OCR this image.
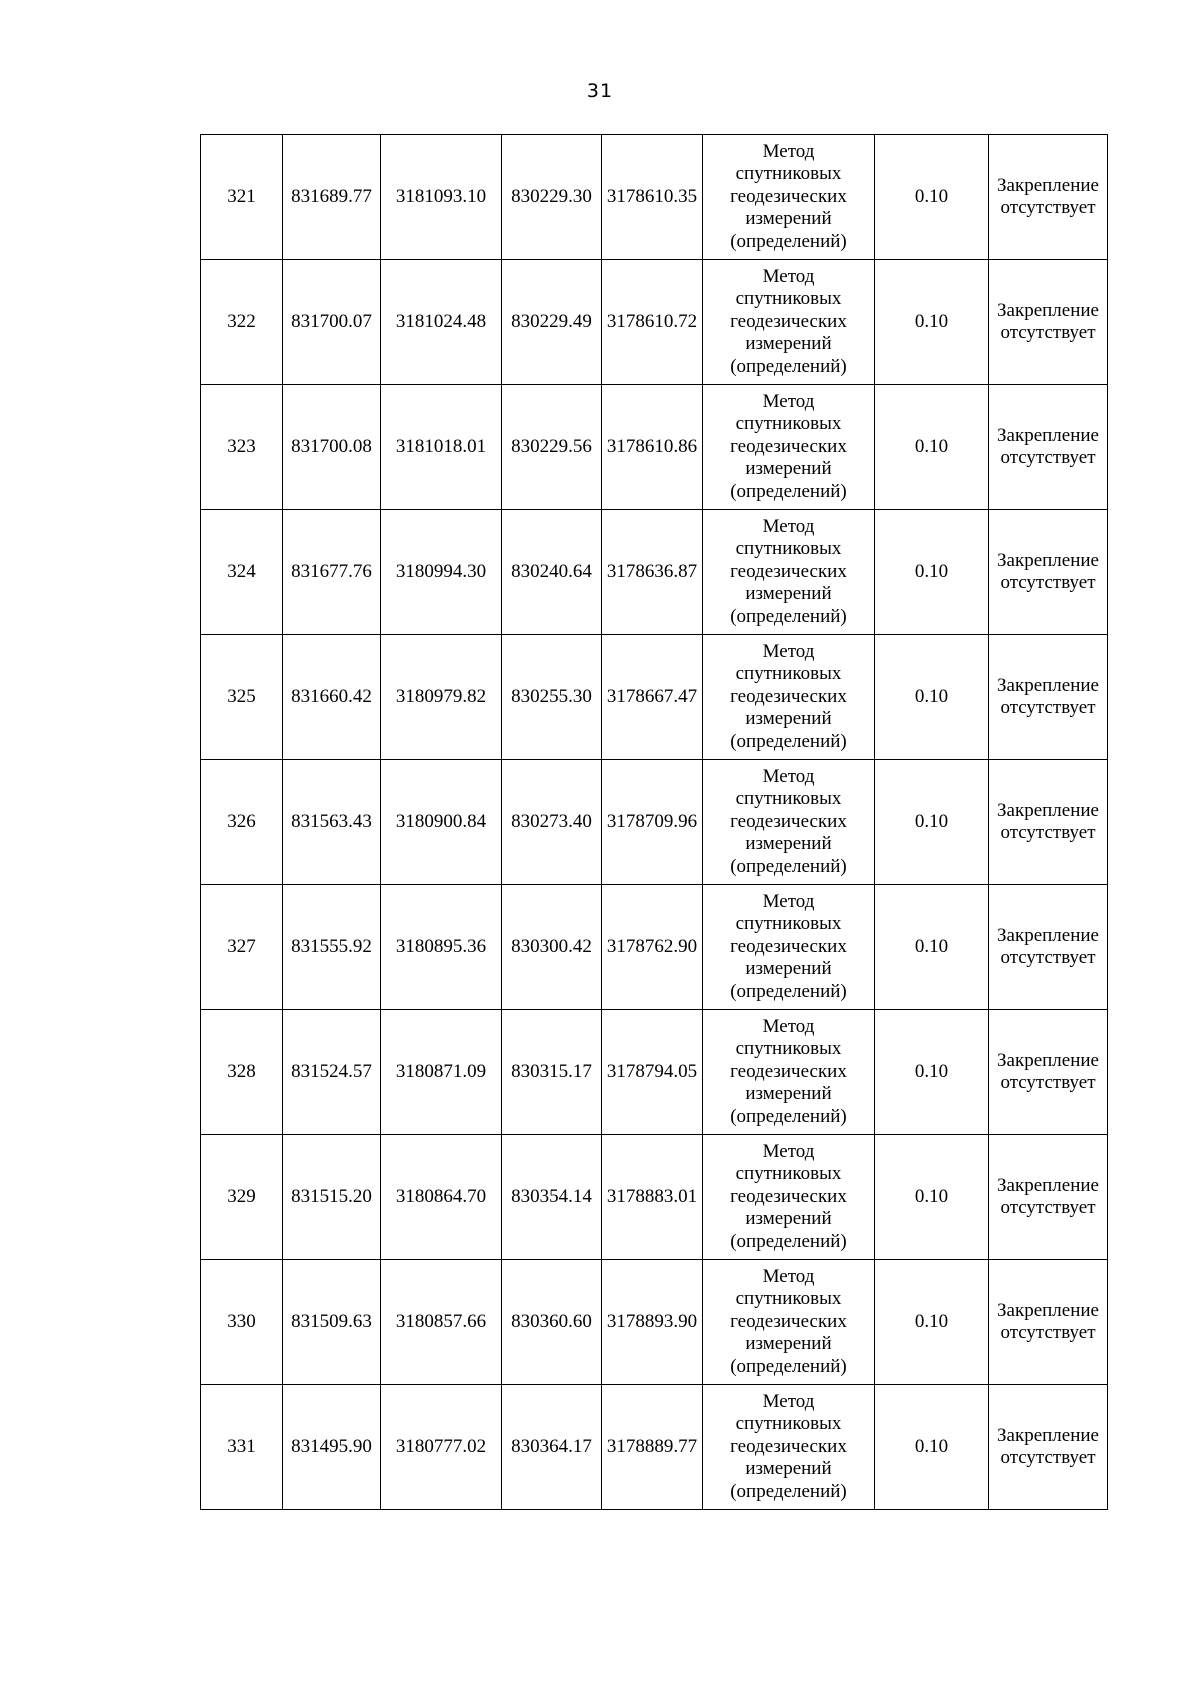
31
321	831689.77	3181093.10	830229.30	3178610.35	Метод
спутниковых
геодезических
измерений
(определений)	0.10	Закрепление
отсутствует

322	831700.07	3181024.48	830229.49	3178610.72	Метод
спутниковых
геодезических
измерений
(определений)	0.10	Закрепление
отсутствует

323	831700.08	3181018.01	830229.56	3178610.86	Метод
спутниковых
геодезических
измерений
(определений)	0.10	Закрепление
отсутствует

324	831677.76	3180994.30	830240.64	3178636.87	Метод
спутниковых
геодезических
измерений
(определений)	0.10	Закрепление
отсутствует

325	831660.42	3180979.82	830255.30	3178667.47	Метод
спутниковых
геодезических
измерений
(определений)	0.10	Закрепление
отсутствует

326	831563.43	3180900.84	830273.40	3178709.96	Метод
спутниковых
геодезических
измерений
(определений)	0.10	Закрепление
отсутствует

327	831555.92	3180895.36	830300.42	3178762.90	Метод
спутниковых
геодезических
измерений
(определений)	0.10	Закрепление
отсутствует

328	831524.57	3180871.09	830315.17	3178794.05	Метод
спутниковых
геодезических
измерений
(определений)	0.10	Закрепление
отсутствует

329	831515.20	3180864.70	830354.14	3178883.01	Метод
спутниковых
геодезических
измерений
(определений)	0.10	Закрепление
отсутствует

330	831509.63	3180857.66	830360.60	3178893.90	Метод
спутниковых
геодезических
измерений
(определений)	0.10	Закрепление
отсутствует

331	831495.90	3180777.02	830364.17	3178889.77	Метод
спутниковых
геодезических
измерений
(определений)	0.10	Закрепление
отсутствует
